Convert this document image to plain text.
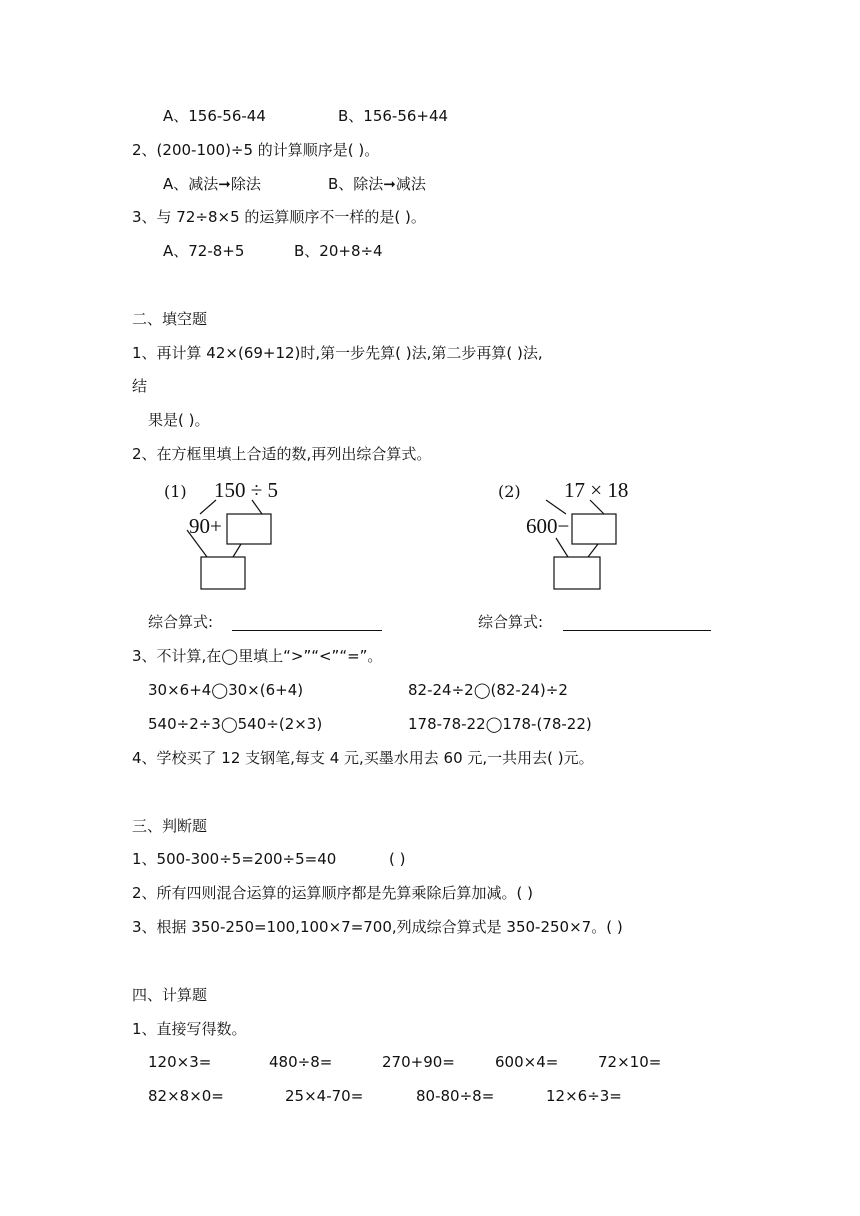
A、156-56-44	B、156-56+44
2、(200-100)÷5 的计算顺序是( )。
A、减法➞除法	B、除法➞减法
3、与 72÷8×5 的运算顺序不一样的是( )。
A、72-8+5	B、20+8÷4
二、填空题
1、再计算 42×(69+12)时,第一步先算( )法,第二步再算( )法,
结
果是( )。
2、在方框里填上合适的数,再列出综合算式。
(1) 150 ÷ 5
90+
(2) 17 × 18
600−
综合算式:	综合算式:
3、不计算,在◯里填上“>”“<”“=”。
30×6+4◯30×(6+4)	82-24÷2◯(82-24)÷2
540÷2÷3◯540÷(2×3)	178-78-22◯178-(78-22)
4、学校买了 12 支钢笔,每支 4 元,买墨水用去 60 元,一共用去( )元。
三、判断题
1、500-300÷5=200÷5=40	( )
2、所有四则混合运算的运算顺序都是先算乘除后算加减。( )
3、根据 350-250=100,100×7=700,列成综合算式是 350-250×7。( )
四、计算题
1、直接写得数。
120×3=	480÷8=	270+90=	600×4=	72×10=
82×8×0=	25×4-70=	80-80÷8=	12×6÷3=
